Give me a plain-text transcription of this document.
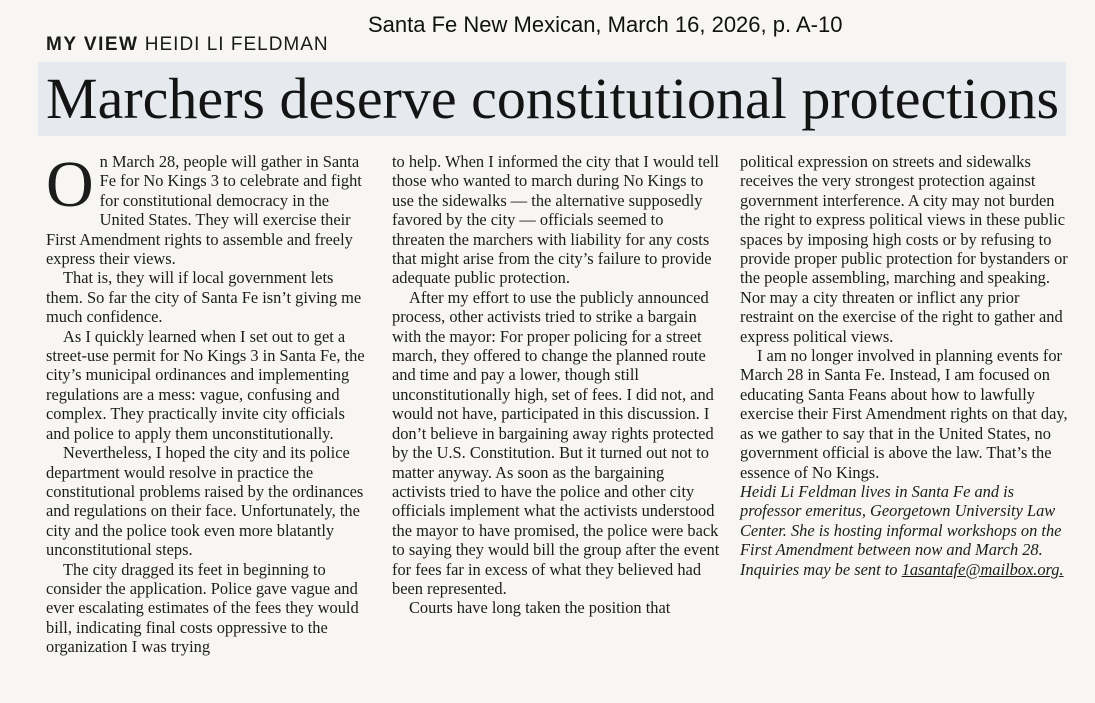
MY VIEW HEIDI LI FELDMAN
Santa Fe New Mexican, March 16, 2026, p. A-10
Marchers deserve constitutional protections

On March 28, people will gather in Santa Fe for No Kings 3 to celebrate and fight for constitutional democracy in the United States. They will exercise their First Amendment rights to assemble and freely express their views.

That is, they will if local government lets them. So far the city of Santa Fe isn’t giving me much confidence.

As I quickly learned when I set out to get a street-use permit for No Kings 3 in Santa Fe, the city’s municipal ordinances and implementing regulations are a mess: vague, confusing and complex. They practically invite city officials and police to apply them unconstitutionally.

Nevertheless, I hoped the city and its police department would resolve in practice the constitutional problems raised by the ordinances and regulations on their face. Unfortunately, the city and the police took even more blatantly unconstitutional steps.

The city dragged its feet in beginning to consider the application. Police gave vague and ever escalating estimates of the fees they would bill, indicating final costs oppressive to the organization I was trying

to help. When I informed the city that I would tell those who wanted to march during No Kings to use the sidewalks — the alternative supposedly favored by the city — officials seemed to threaten the marchers with liability for any costs that might arise from the city’s failure to provide adequate public protection.

After my effort to use the publicly announced process, other activists tried to strike a bargain with the mayor: For proper policing for a street march, they offered to change the planned route and time and pay a lower, though still unconstitutionally high, set of fees. I did not, and would not have, participated in this discussion. I don’t believe in bargaining away rights protected by the U.S. Constitution. But it turned out not to matter anyway. As soon as the bargaining activists tried to have the police and other city officials implement what the activists understood the mayor to have promised, the police were back to saying they would bill the group after the event for fees far in excess of what they believed had been represented.

Courts have long taken the position that

political expression on streets and sidewalks receives the very strongest protection against government interference. A city may not burden the right to express political views in these public spaces by imposing high costs or by refusing to provide proper public protection for bystanders or the people assembling, marching and speaking. Nor may a city threaten or inflict any prior restraint on the exercise of the right to gather and express political views.

I am no longer involved in planning events for March 28 in Santa Fe. Instead, I am focused on educating Santa Feans about how to lawfully exercise their First Amendment rights on that day, as we gather to say that in the United States, no government official is above the law. That’s the essence of No Kings.

Heidi Li Feldman lives in Santa Fe and is professor emeritus, Georgetown University Law Center. She is hosting informal workshops on the First Amendment between now and March 28. Inquiries may be sent to 1asantafe@mailbox.org.
